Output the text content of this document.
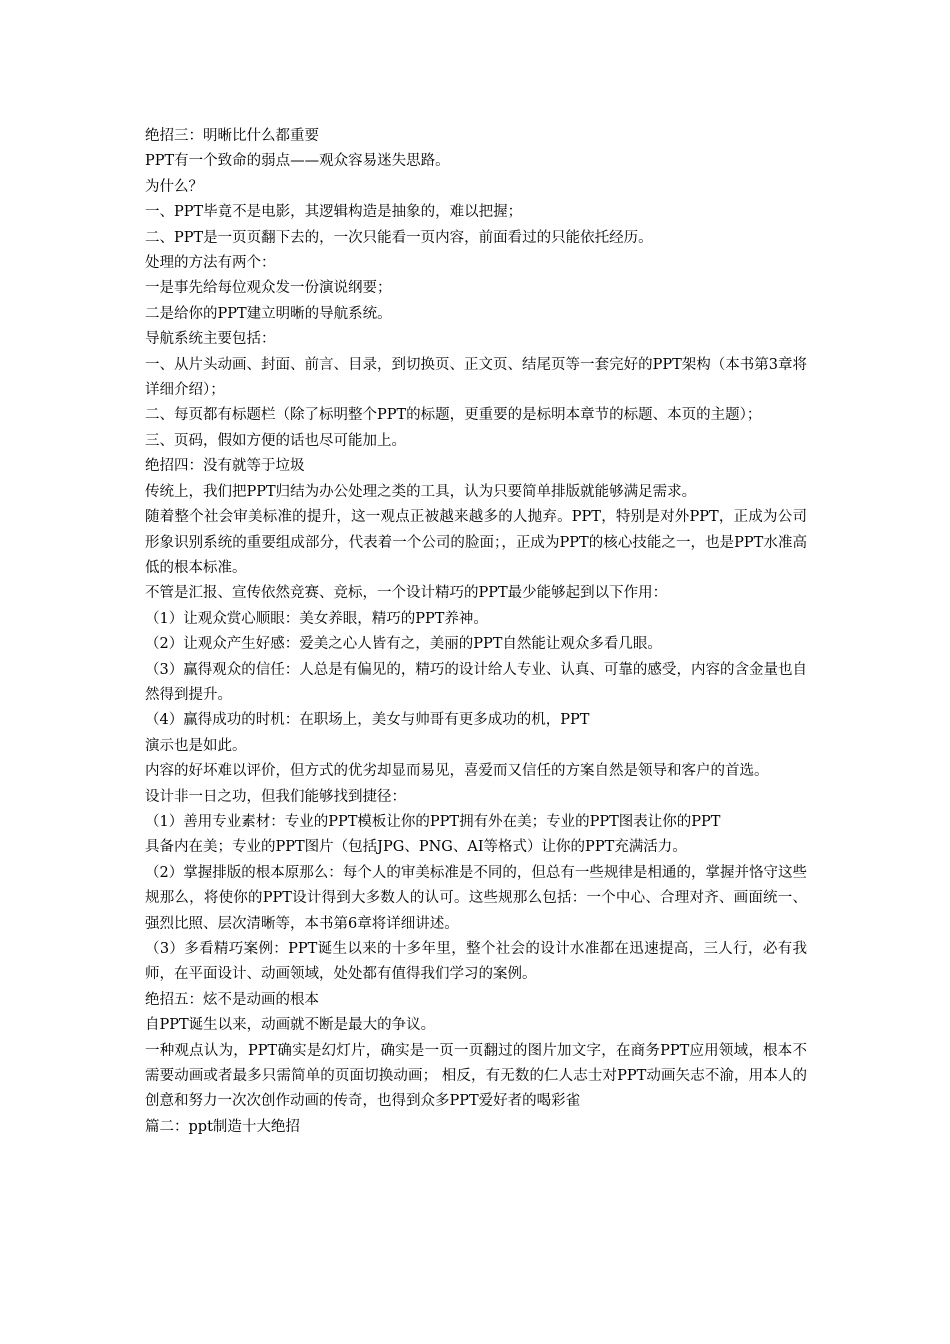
绝招三：明晰比什么都重要

PPT有一个致命的弱点——观众容易迷失思路。

为什么？

一、PPT毕竟不是电影，其逻辑构造是抽象的，难以把握；

二、PPT是一页页翻下去的，一次只能看一页内容，前面看过的只能依托经历。

处理的方法有两个：

一是事先给每位观众发一份演说纲要；

二是给你的PPT建立明晰的导航系统。

导航系统主要包括：

一、从片头动画、封面、前言、目录，到切换页、正文页、结尾页等一套完好的PPT架构（本书第3章将详细介绍）；

二、每页都有标题栏（除了标明整个PPT的标题，更重要的是标明本章节的标题、本页的主题）；

三、页码，假如方便的话也尽可能加上。

绝招四：没有就等于垃圾

传统上，我们把PPT归结为办公处理之类的工具，认为只要简单排版就能够满足需求。

随着整个社会审美标准的提升，这一观点正被越来越多的人抛弃。PPT，特别是对外PPT，正成为公司形象识别系统的重要组成部分，代表着一个公司的脸面；，正成为PPT的核心技能之一，也是PPT水准高低的根本标准。

不管是汇报、宣传依然竞赛、竞标，一个设计精巧的PPT最少能够起到以下作用：

（1）让观众赏心顺眼：美女养眼，精巧的PPT养神。

（2）让观众产生好感：爱美之心人皆有之，美丽的PPT自然能让观众多看几眼。

（3）赢得观众的信任：人总是有偏见的，精巧的设计给人专业、认真、可靠的感受，内容的含金量也自然得到提升。

（4）赢得成功的时机：在职场上，美女与帅哥有更多成功的机，PPT

演示也是如此。

内容的好坏难以评价，但方式的优劣却显而易见，喜爱而又信任的方案自然是领导和客户的首选。

设计非一日之功，但我们能够找到捷径：

（1）善用专业素材：专业的PPT模板让你的PPT拥有外在美；专业的PPT图表让你的PPT

具备内在美；专业的PPT图片（包括JPG、PNG、AI等格式）让你的PPT充满活力。

（2）掌握排版的根本原那么：每个人的审美标准是不同的，但总有一些规律是相通的，掌握并恪守这些规那么，将使你的PPT设计得到大多数人的认可。这些规那么包括：一个中心、合理对齐、画面统一、强烈比照、层次清晰等，本书第6章将详细讲述。

（3）多看精巧案例：PPT诞生以来的十多年里，整个社会的设计水准都在迅速提高，三人行，必有我师，在平面设计、动画领域，处处都有值得我们学习的案例。

绝招五：炫不是动画的根本

自PPT诞生以来，动画就不断是最大的争议。

一种观点认为，PPT确实是幻灯片，确实是一页一页翻过的图片加文字，在商务PPT应用领域，根本不需要动画或者最多只需简单的页面切换动画； 相反，有无数的仁人志士对PPT动画矢志不渝，用本人的创意和努力一次次创作动画的传奇，也得到众多PPT爱好者的喝彩雀

篇二：ppt制造十大绝招
